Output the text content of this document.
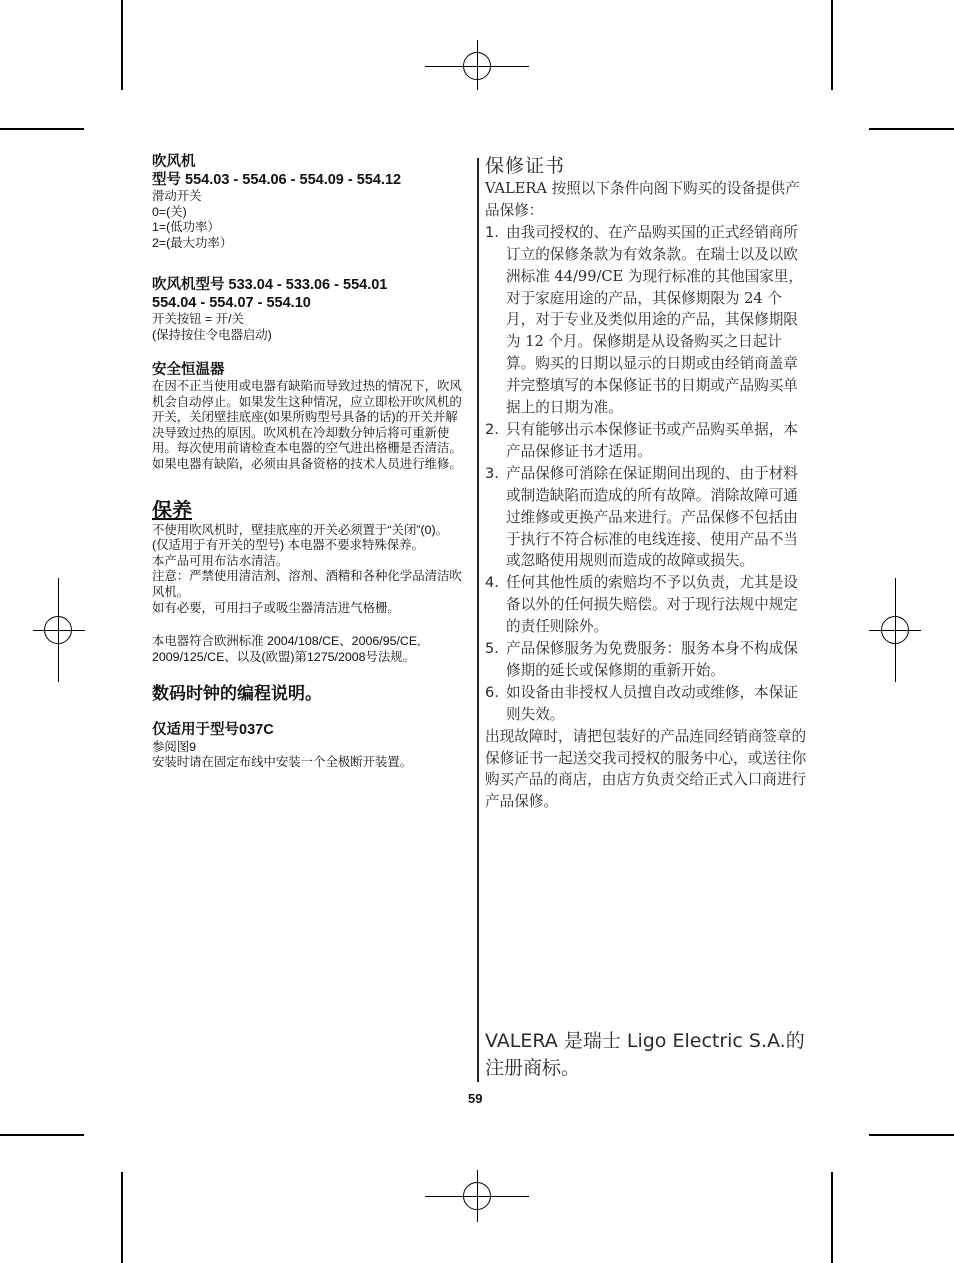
吹风机

型号 554.03 - 554.06 - 554.09 - 554.12

滑动开关

0=(关)

1=(低功率）

2=(最大功率）

吹风机型号 533.04 - 533.06 - 554.01

554.04 - 554.07 - 554.10

开关按钮 = 开/关

(保持按住令电器启动)

安全恒温器

在因不正当使用或电器有缺陷而导致过热的情况下，吹风机会自动停止。如果发生这种情况，应立即松开吹风机的开关，关闭壁挂底座(如果所购型号具备的话)的开关并解决导致过热的原因。吹风机在冷却数分钟后将可重新使用。每次使用前请检查本电器的空气进出格栅是否清洁。

如果电器有缺陷，必须由具备资格的技术人员进行维修。

保养

不使用吹风机时，壁挂底座的开关必须置于“关闭”(0)。(仅适用于有开关的型号) 本电器不要求特殊保养。

本产品可用布沾水清洁。

注意：严禁使用清洁剂、溶剂、酒精和各种化学品清洁吹风机。

如有必要，可用扫子或吸尘器清洁进气格栅。

本电器符合欧洲标准 2004/108/CE、2006/95/CE, 2009/125/CE、以及(欧盟)第1275/2008号法规。

数码时钟的编程说明。

仅适用于型号037C

参阅图9

安装时请在固定布线中安装一个全极断开装置。

保修证书

VALERA 按照以下条件向阁下购买的设备提供产品保修：

1. 由我司授权的、在产品购买国的正式经销商所订立的保修条款为有效条款。在瑞士以及以欧洲标准 44/99/CE 为现行标准的其他国家里，对于家庭用途的产品，其保修期限为 24 个月，对于专业及类似用途的产品，其保修期限为 12 个月。保修期是从设备购买之日起计算。购买的日期以显示的日期或由经销商盖章并完整填写的本保修证书的日期或产品购买单据上的日期为准。
2. 只有能够出示本保修证书或产品购买单据，本产品保修证书才适用。
3. 产品保修可消除在保证期间出现的、由于材料或制造缺陷而造成的所有故障。消除故障可通过维修或更换产品来进行。产品保修不包括由于执行不符合标准的电线连接、使用产品不当或忽略使用规则而造成的故障或损失。
4. 任何其他性质的索赔均不予以负责，尤其是设备以外的任何损失赔偿。对于现行法规中规定的责任则除外。
5. 产品保修服务为免费服务：服务本身不构成保修期的延长或保修期的重新开始。
6. 如设备由非授权人员擅自改动或维修，本保证则失效。

出现故障时，请把包装好的产品连同经销商签章的保修证书一起送交我司授权的服务中心，或送往你购买产品的商店，由店方负责交给正式入口商进行产品保修。

VALERA 是瑞士 Ligo Electric S.A.的注册商标。

59
